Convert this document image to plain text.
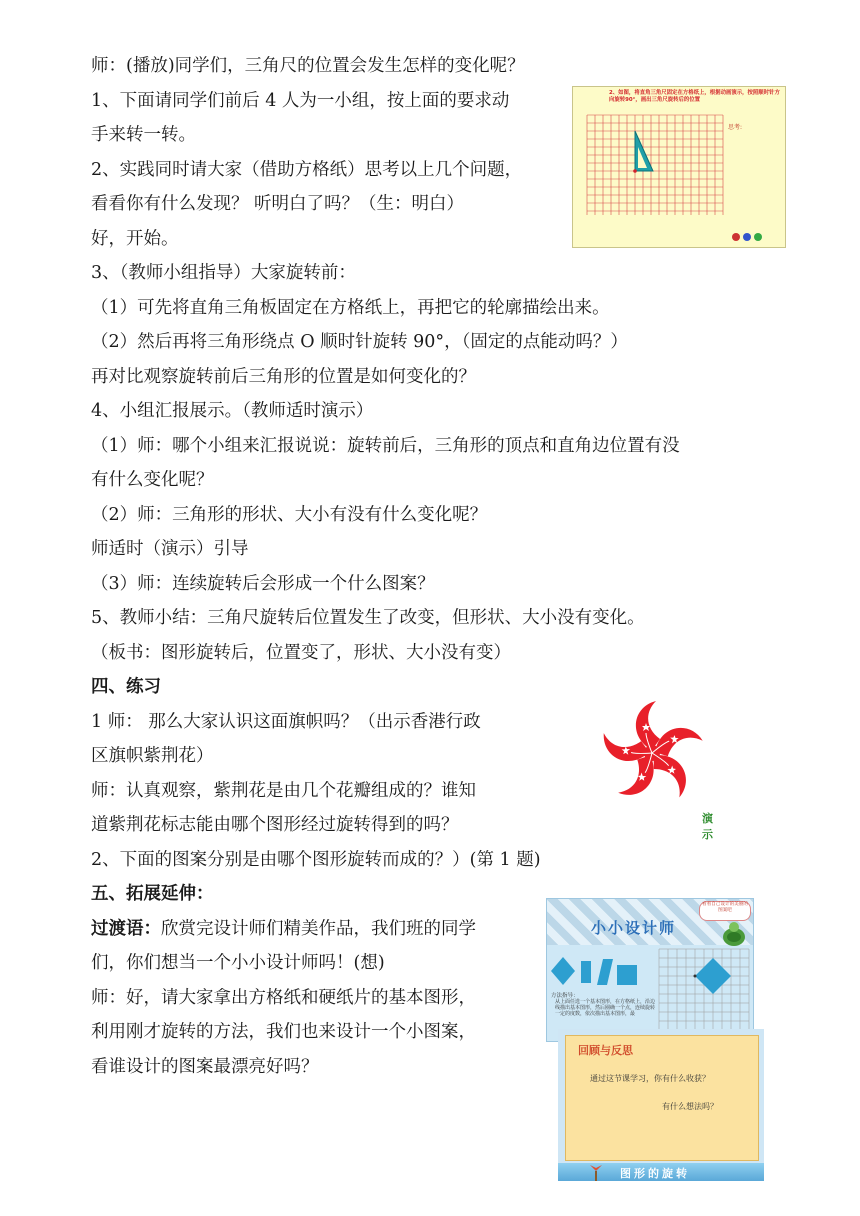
师：(播放)同学们，三角尺的位置会发生怎样的变化呢？
1、下面请同学们前后 4 人为一小组，按上面的要求动
手来转一转。
2、实践同时请大家（借助方格纸）思考以上几个问题，
看看你有什么发现？ 听明白了吗？（生：明白）
好，开始。
3、（教师小组指导）大家旋转前：
（1）可先将直角三角板固定在方格纸上，再把它的轮廓描绘出来。
（2）然后再将三角形绕点 O 顺时针旋转 90°，（固定的点能动吗？）
再对比观察旋转前后三角形的位置是如何变化的？
4、小组汇报展示。（教师适时演示）
（1）师：哪个小组来汇报说说：旋转前后，三角形的顶点和直角边位置有没
有什么变化呢？
（2）师：三角形的形状、大小有没有什么变化呢？
师适时（演示）引导
（3）师：连续旋转后会形成一个什么图案？
5、教师小结：三角尺旋转后位置发生了改变，但形状、大小没有变化。
（板书：图形旋转后，位置变了，形状、大小没有变）
四、练习
1 师： 那么大家认识这面旗帜吗？（出示香港行政
区旗帜紫荆花）
师：认真观察，紫荆花是由几个花瓣组成的？谁知
道紫荆花标志能由哪个图形经过旋转得到的吗？
2、下面的图案分别是由哪个图形旋转而成的？）(第 1 题)
五、拓展延伸：
过渡语：欣赏完设计师们精美作品，我们班的同学
们，你们想当一个小小设计师吗！(想)
师：好，请大家拿出方格纸和硬纸片的基本图形，
利用刚才旋转的方法，我们也来设计一个小图案，
看谁设计的图案最漂亮好吗？
2、如图，将直角三角尺固定在方格纸上，根据动画演示，按照顺时针方向旋转90°，画出三角尺旋转后的位置
思考:
演示
小小设计师
看看自己设计的美丽的图案吧
方法指导：
从上面任选一个基本图形，在方格纸上，沿边线描出基本图形，然后圈确一个点，连续旋转一定的度数，依次描出基本图形，最
回顾与反思
通过这节课学习，你有什么收获？
有什么想法吗？
图形的旋转
